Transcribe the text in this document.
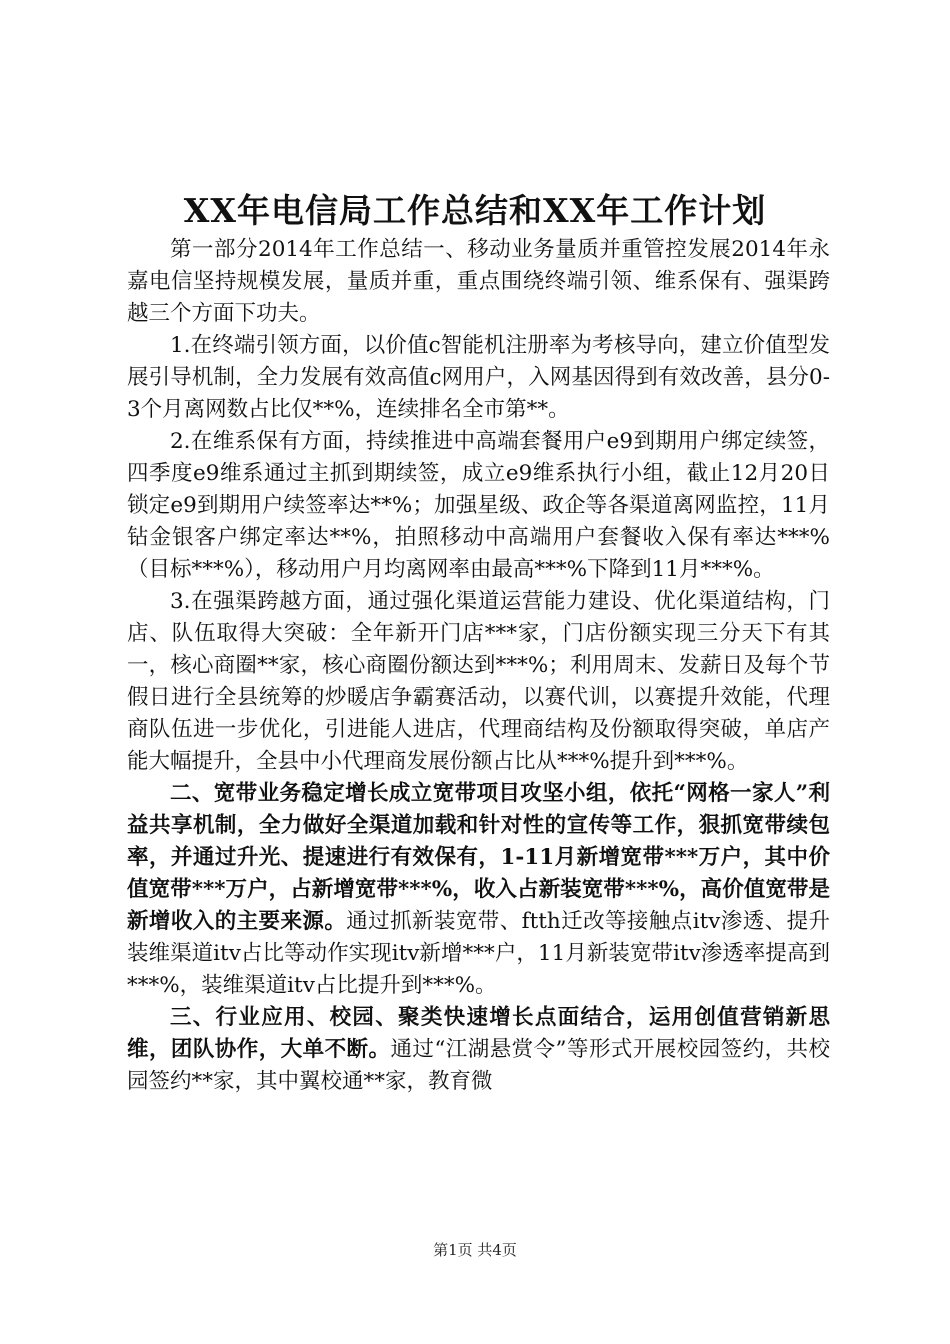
XX年电信局工作总结和XX年工作计划

第一部分2014年工作总结一、移动业务量质并重管控发展2014年永嘉电信坚持规模发展，量质并重，重点围绕终端引领、维系保有、强渠跨越三个方面下功夫。

1.在终端引领方面，以价值c智能机注册率为考核导向，建立价值型发展引导机制，全力发展有效高值c网用户，入网基因得到有效改善，县分0-3个月离网数占比仅**%，连续排名全市第**。

2.在维系保有方面，持续推进中高端套餐用户e9到期用户绑定续签，四季度e9维系通过主抓到期续签，成立e9维系执行小组，截止12月20日锁定e9到期用户续签率达**%；加强星级、政企等各渠道离网监控，11月钻金银客户绑定率达**%，拍照移动中高端用户套餐收入保有率达***%（目标***%），移动用户月均离网率由最高***%下降到11月***%。

3.在强渠跨越方面，通过强化渠道运营能力建设、优化渠道结构，门店、队伍取得大突破：全年新开门店***家，门店份额实现三分天下有其一，核心商圈**家，核心商圈份额达到***%；利用周末、发薪日及每个节假日进行全县统筹的炒暖店争霸赛活动，以赛代训，以赛提升效能，代理商队伍进一步优化，引进能人进店，代理商结构及份额取得突破，单店产能大幅提升，全县中小代理商发展份额占比从***%提升到***%。

二、宽带业务稳定增长成立宽带项目攻坚小组，依托“网格一家人”利益共享机制，全力做好全渠道加载和针对性的宣传等工作，狠抓宽带续包率，并通过升光、提速进行有效保有，1-11月新增宽带***万户，其中价值宽带***万户，占新增宽带***%，收入占新装宽带***%，高价值宽带是新增收入的主要来源。通过抓新装宽带、ftth迁改等接触点itv渗透、提升装维渠道itv占比等动作实现itv新增***户，11月新装宽带itv渗透率提高到***%，装维渠道itv占比提升到***%。

三、行业应用、校园、聚类快速增长点面结合，运用创值营销新思维，团队协作，大单不断。通过“江湖悬赏令”等形式开展校园签约，共校园签约**家，其中翼校通**家，教育微

第1页 共4页
